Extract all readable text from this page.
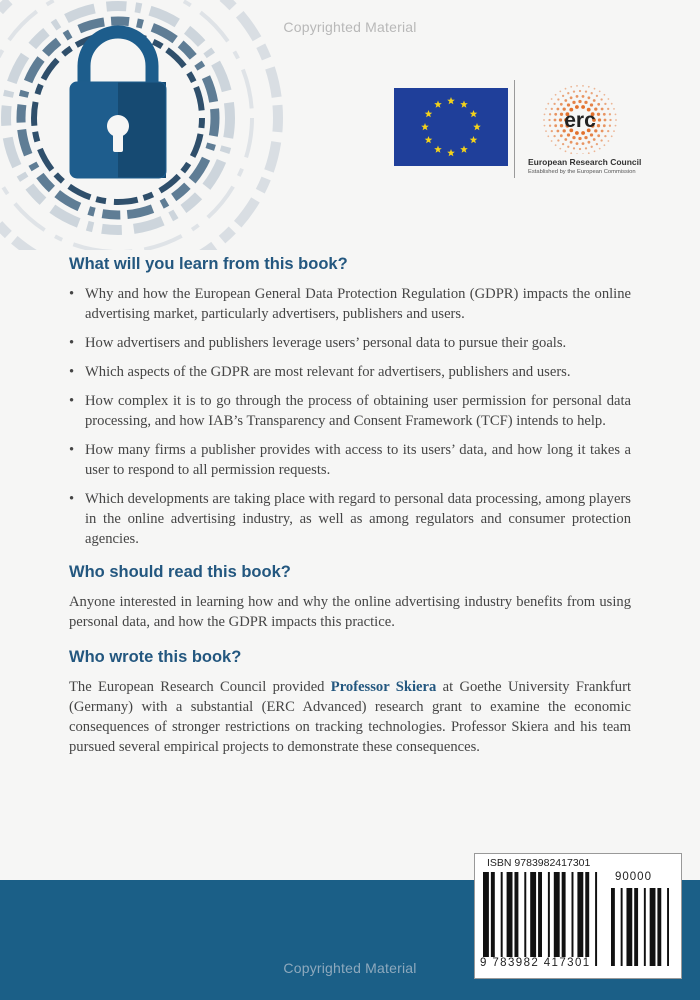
Copyrighted Material
erc
European Research Council
Established by the European Commission
What will you learn from this book?
• Why and how the European General Data Protection Regulation (GDPR) impacts the online advertising market, particularly advertisers, publishers and users.
• How advertisers and publishers leverage users’ personal data to pursue their goals.
• Which aspects of the GDPR are most relevant for advertisers, publishers and users.
• How complex it is to go through the process of obtaining user permission for personal data processing, and how IAB’s Transparency and Consent Framework (TCF) intends to help.
• How many firms a publisher provides with access to its users’ data, and how long it takes a user to respond to all permission requests.
• Which developments are taking place with regard to personal data processing, among players in the online advertising industry, as well as among regulators and consumer protection agencies.
Who should read this book?

Anyone interested in learning how and why the online advertising industry benefits from using personal data, and how the GDPR impacts this practice.

Who wrote this book?

The European Research Council provided Professor Skiera at Goethe University Frankfurt (Germany) with a substantial (ERC Advanced) research grant to examine the economic consequences of stronger restrictions on tracking technologies. Professor Skiera and his team pursued several empirical projects to demonstrate these consequences.

Copyrighted Material
ISBN 9783982417301
90000
9 783982 417301
